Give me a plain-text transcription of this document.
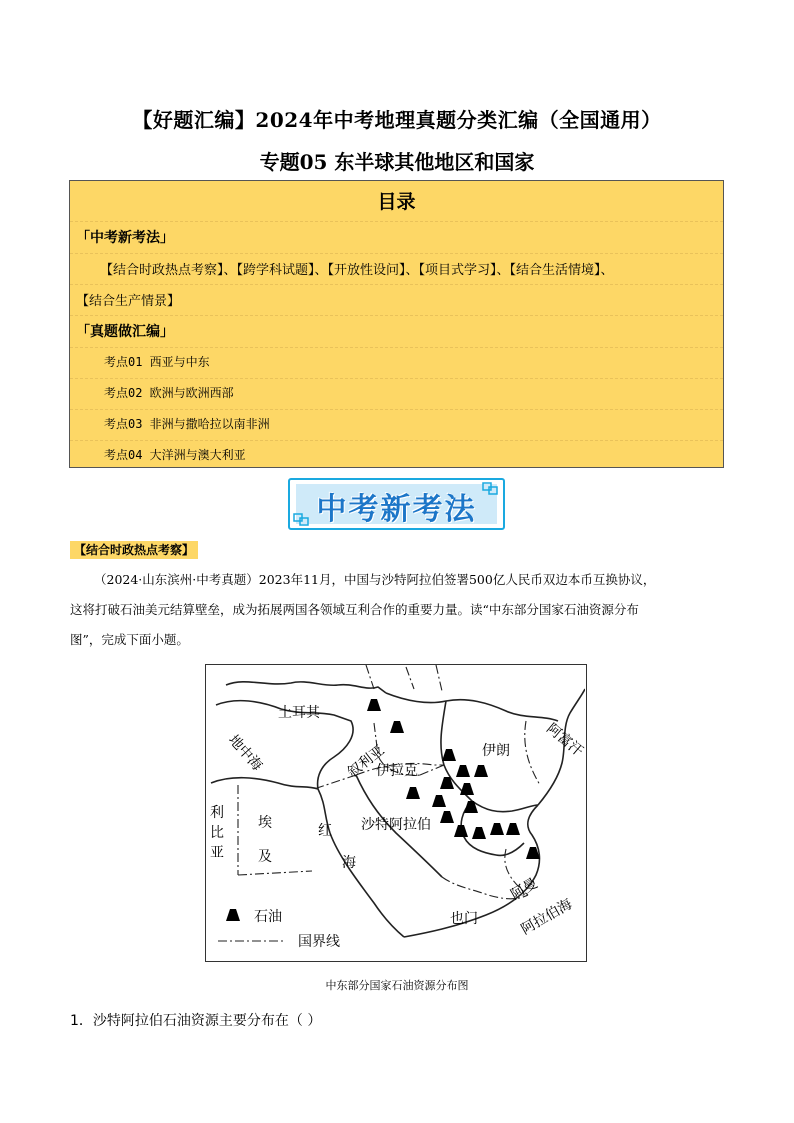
【好题汇编】2024年中考地理真题分类汇编（全国通用）
专题05 东半球其他地区和国家
目录
「中考新考法」
【结合时政热点考察】、【跨学科试题】、【开放性设问】、【项目式学习】、【结合生活情境】、
【结合生产情景】
「真题做汇编」
考点01 西亚与中东
考点02 欧洲与欧洲西部
考点03 非洲与撒哈拉以南非洲
考点04 大洋洲与澳大利亚
中考新考法
【结合时政热点考察】
（2024·山东滨州·中考真题）2023年11月，中国与沙特阿拉伯签署500亿人民币双边本币互换协议，
这将打破石油美元结算壁垒，成为拓展两国各领域互利合作的重要力量。读“中东部分国家石油资源分布
图”，完成下面小题。
土耳其
叙利亚
伊拉克
伊朗 阿富汗
地中海
利
比
亚
埃
及
红
海
沙特阿拉伯
阿曼
也门	阿拉伯海
石油
国界线
中东部分国家石油资源分布图
1．沙特阿拉伯石油资源主要分布在（ ）
